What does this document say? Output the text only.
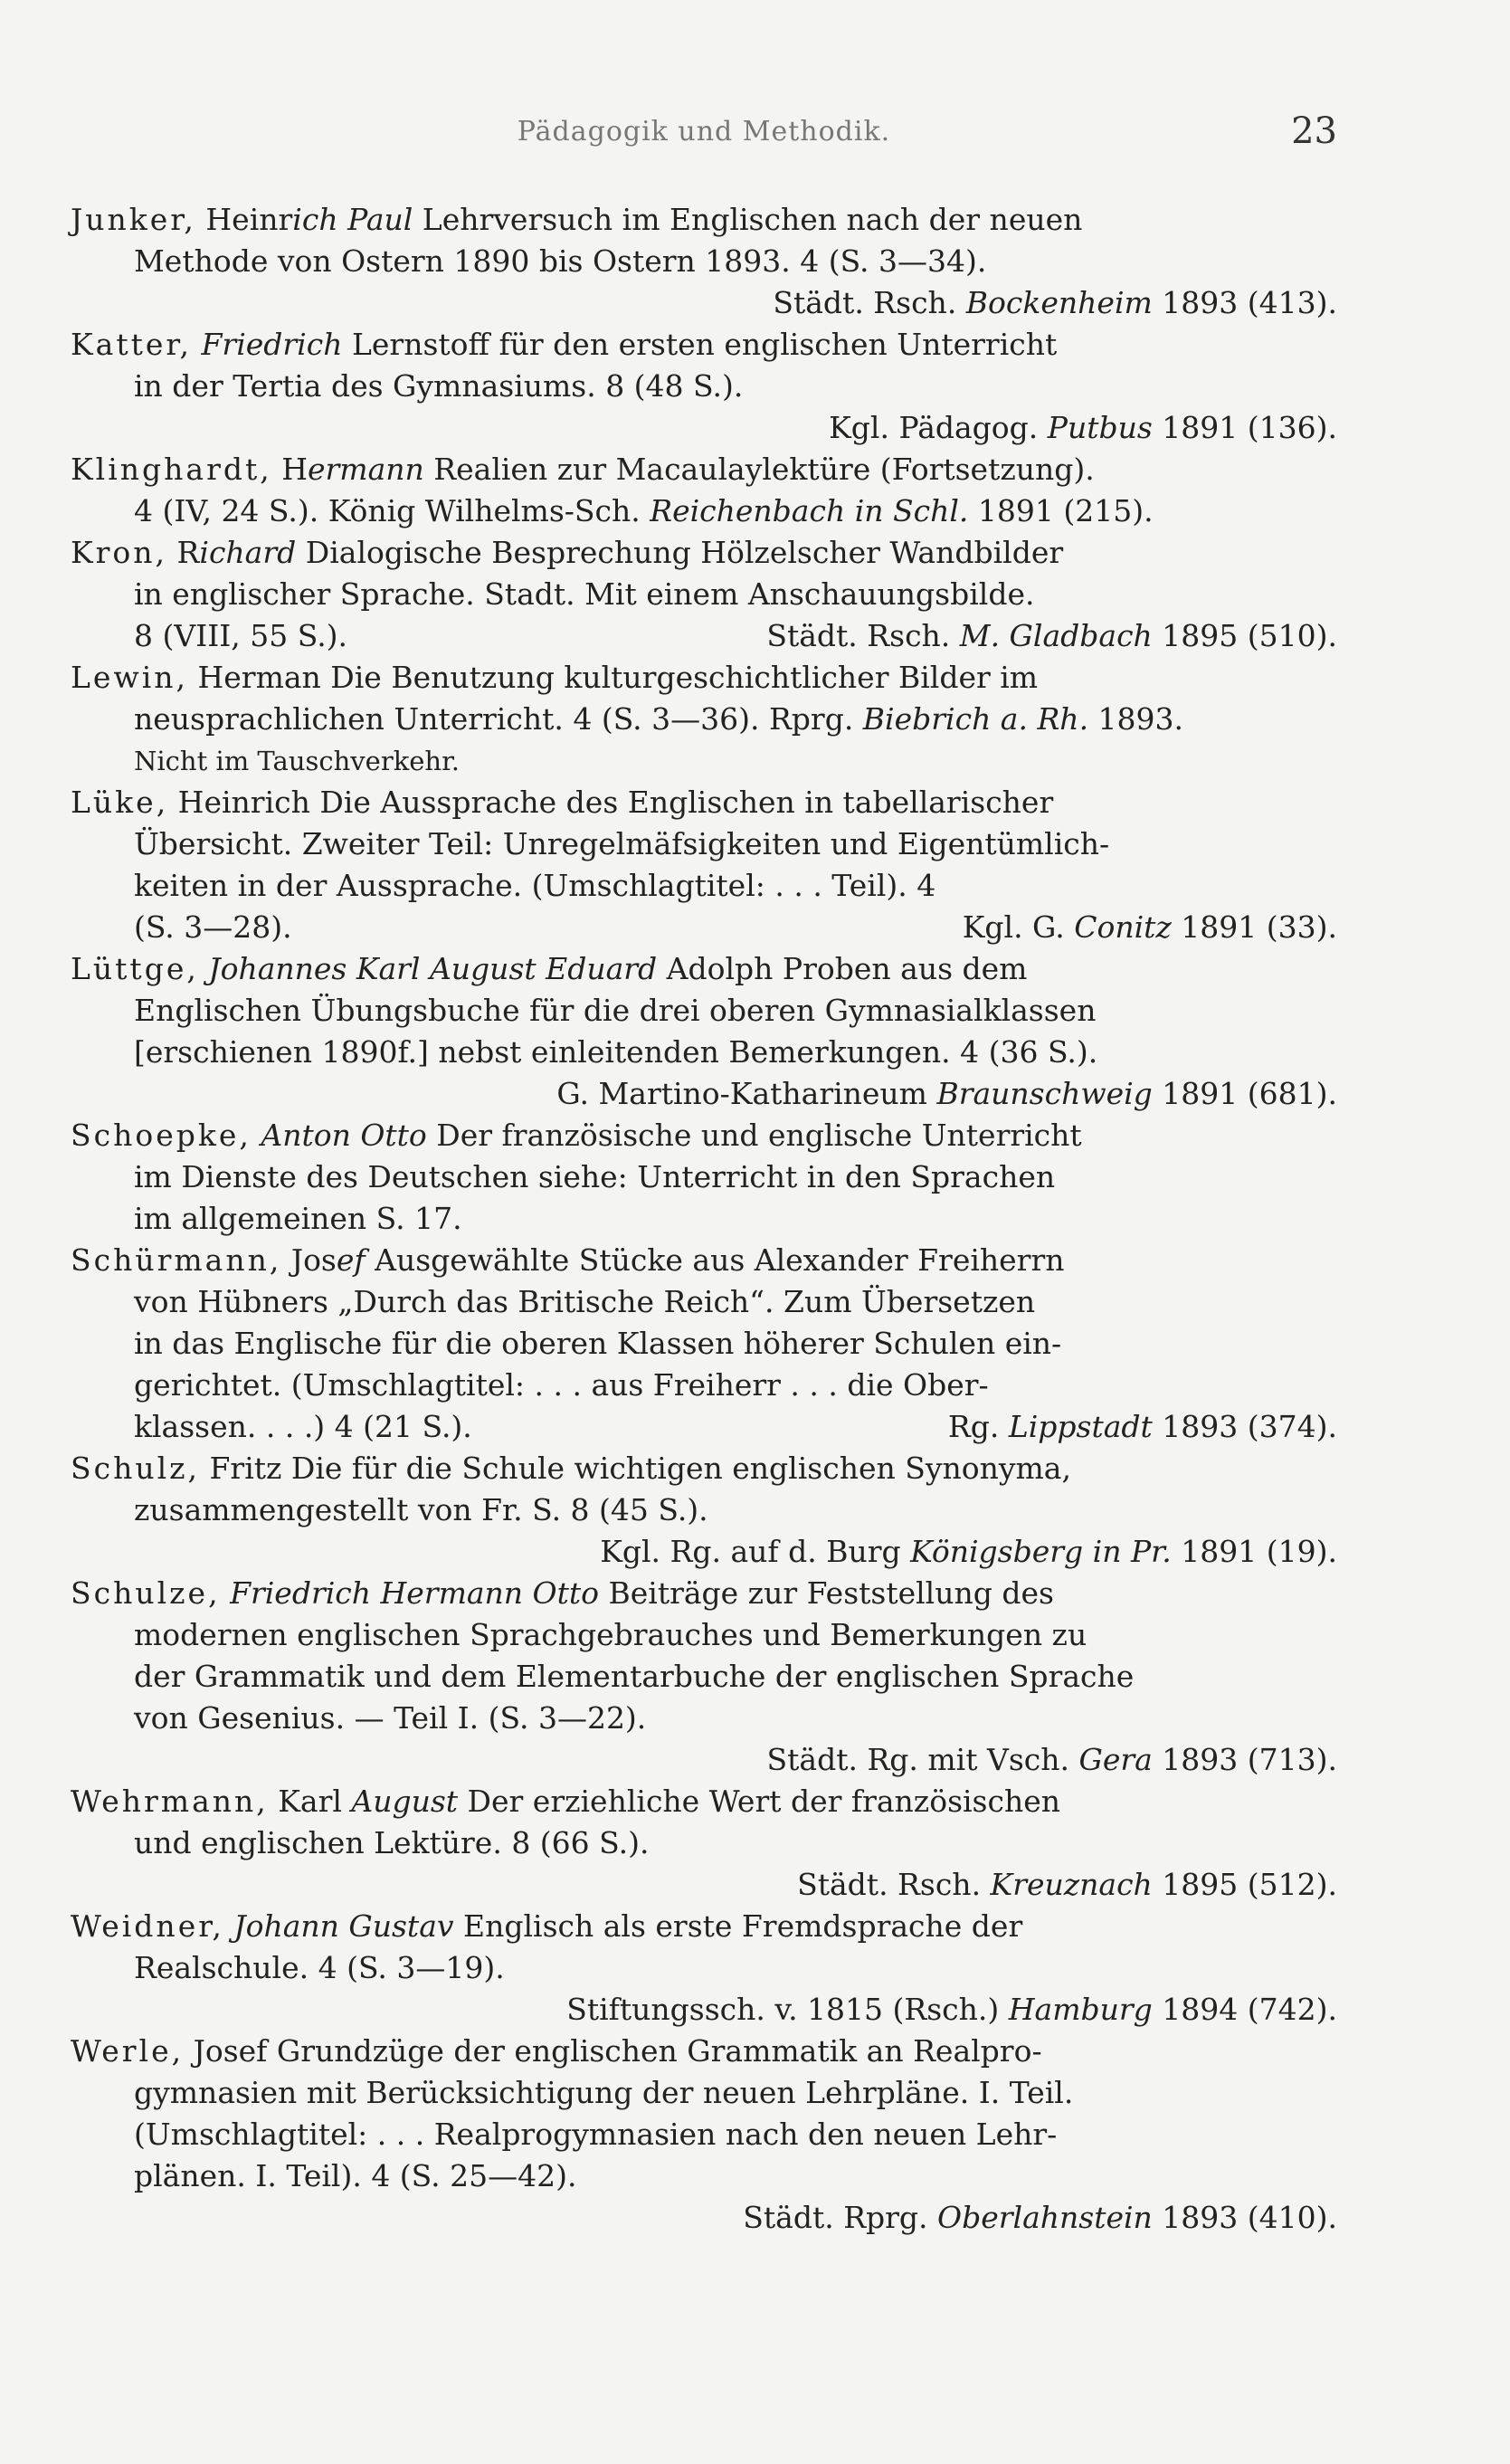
Pädagogik und Methodik.	23
Junker, Heinrich Paul Lehrversuch im Englischen nach der neuen
Methode von Ostern 1890 bis Ostern 1893. 4 (S. 3—34).
Städt. Rsch. Bockenheim 1893 (413).
Katter, Friedrich Lernstoff für den ersten englischen Unterricht
in der Tertia des Gymnasiums. 8 (48 S.).
Kgl. Pädagog. Putbus 1891 (136).
Klinghardt, Hermann Realien zur Macaulaylektüre (Fortsetzung).
4 (IV, 24 S.). König Wilhelms-Sch. Reichenbach in Schl. 1891 (215).
Kron, Richard Dialogische Besprechung Hölzelscher Wandbilder
in englischer Sprache. Stadt. Mit einem Anschauungsbilde.
8 (VIII, 55 S.).	Städt. Rsch. M. Gladbach 1895 (510).
Lewin, Herman Die Benutzung kulturgeschichtlicher Bilder im
neusprachlichen Unterricht. 4 (S. 3—36). Rprg. Biebrich a. Rh. 1893.
Nicht im Tauschverkehr.
Lüke, Heinrich Die Aussprache des Englischen in tabellarischer
Übersicht. Zweiter Teil: Unregelmäfsigkeiten und Eigentümlich-
keiten in der Aussprache. (Umschlagtitel: . . . Teil). 4
(S. 3—28).	Kgl. G. Conitz 1891 (33).
Lüttge, Johannes Karl August Eduard Adolph Proben aus dem
Englischen Übungsbuche für die drei oberen Gymnasialklassen
[erschienen 1890f.] nebst einleitenden Bemerkungen. 4 (36 S.).
G. Martino-Katharineum Braunschweig 1891 (681).
Schoepke, Anton Otto Der französische und englische Unterricht
im Dienste des Deutschen siehe: Unterricht in den Sprachen
im allgemeinen S. 17.
Schürmann, Josef Ausgewählte Stücke aus Alexander Freiherrn
von Hübners „Durch das Britische Reich“. Zum Übersetzen
in das Englische für die oberen Klassen höherer Schulen ein-
gerichtet. (Umschlagtitel: . . . aus Freiherr . . . die Ober-
klassen. . . .) 4 (21 S.).	Rg. Lippstadt 1893 (374).
Schulz, Fritz Die für die Schule wichtigen englischen Synonyma,
zusammengestellt von Fr. S. 8 (45 S.).
Kgl. Rg. auf d. Burg Königsberg in Pr. 1891 (19).
Schulze, Friedrich Hermann Otto Beiträge zur Feststellung des
modernen englischen Sprachgebrauches und Bemerkungen zu
der Grammatik und dem Elementarbuche der englischen Sprache
von Gesenius. — Teil I. (S. 3—22).
Städt. Rg. mit Vsch. Gera 1893 (713).
Wehrmann, Karl August Der erziehliche Wert der französischen
und englischen Lektüre. 8 (66 S.).
Städt. Rsch. Kreuznach 1895 (512).
Weidner, Johann Gustav Englisch als erste Fremdsprache der
Realschule. 4 (S. 3—19).
Stiftungssch. v. 1815 (Rsch.) Hamburg 1894 (742).
Werle, Josef Grundzüge der englischen Grammatik an Realpro-
gymnasien mit Berücksichtigung der neuen Lehrpläne. I. Teil.
(Umschlagtitel: . . . Realprogymnasien nach den neuen Lehr-
plänen. I. Teil). 4 (S. 25—42).
Städt. Rprg. Oberlahnstein 1893 (410).
